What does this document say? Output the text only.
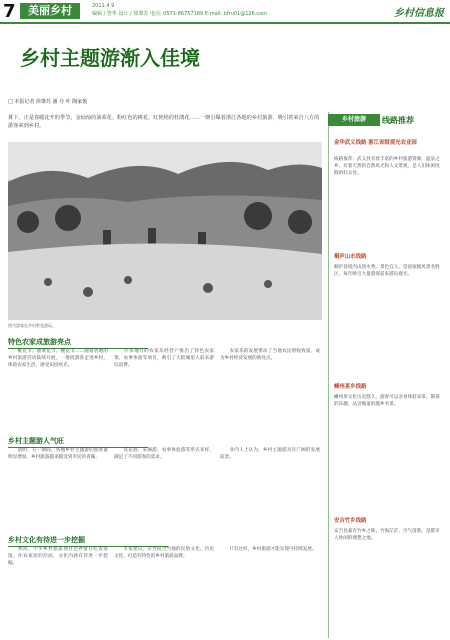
7	美丽乡村	2011.4.9
编辑 / 曾华 设计 / 徐肇苏 电话: 0571-86757189 E-mail: bfru01@126.com	乡村信息报
乡村主题游渐入佳境
□ 本报记者 徐肇苏 潘 丹 叶 陶家俊
暮下，正是春暖花开的季节，金灿灿的油菜花、粉红色的桃花、红艳艳的杜鹃花……一朝引爆着浙江各地的乡村旅游，吸引着来自八方的游客来到乡村。
图为游客在乡村赏花游玩。
特色农家成旅游亮点
　　桃花节、油菜花节、樱花节……随着各地的乡村旅游活动陆续开展，一批批游客走进乡村，体验农家生活，感受田园风光。
　　许多地方的农家乐经营户推出了特色农家菜、农事体验等项目，吸引了大批城里人前来游玩消费。
　　农家乐的发展带动了当地农民增收致富，成为乡村经济发展的新亮点。
乡村主题游人气旺
　　清明、五一期间，各地乡村主题游的游客量明显增加，乡村旅游越来越受到市民的青睐。
　　赏花游、采摘游、农事体验游等形式多样，满足了不同游客的需求。
　　业内人士认为，乡村主题游具有广阔的发展前景。
乡村文化有待进一步挖掘
　　然而，不少乡村旅游项目还停留在吃农家饭、住农家屋的层面，文化内涵有待进一步挖掘。
　　专家建议，应当结合当地的民俗文化、历史文化，打造有特色的乡村旅游品牌。
　　只有这样，乡村旅游才能实现可持续发展。
乡村旅游	线路推荐
金华武义线路 浙江省级观光农业园
线路推荐：武义县有着丰富的乡村旅游资源，温泉之乡，有着天然的自然风光和人文景观，是人们休闲度假的好去处。
桐庐山水线路
桐庐县境内山清水秀，景色宜人，是国家级风景名胜区，每年吸引大量游客前来游玩观光。
嵊州茶乡线路
嵊州茶文化历史悠久，游客可以亲身体验采茶、制茶的乐趣，品尝地道的越乡名茶。
安吉竹乡线路
安吉县素有竹乡之称，竹海茫茫，空气清新，是都市人休闲的理想之地。
